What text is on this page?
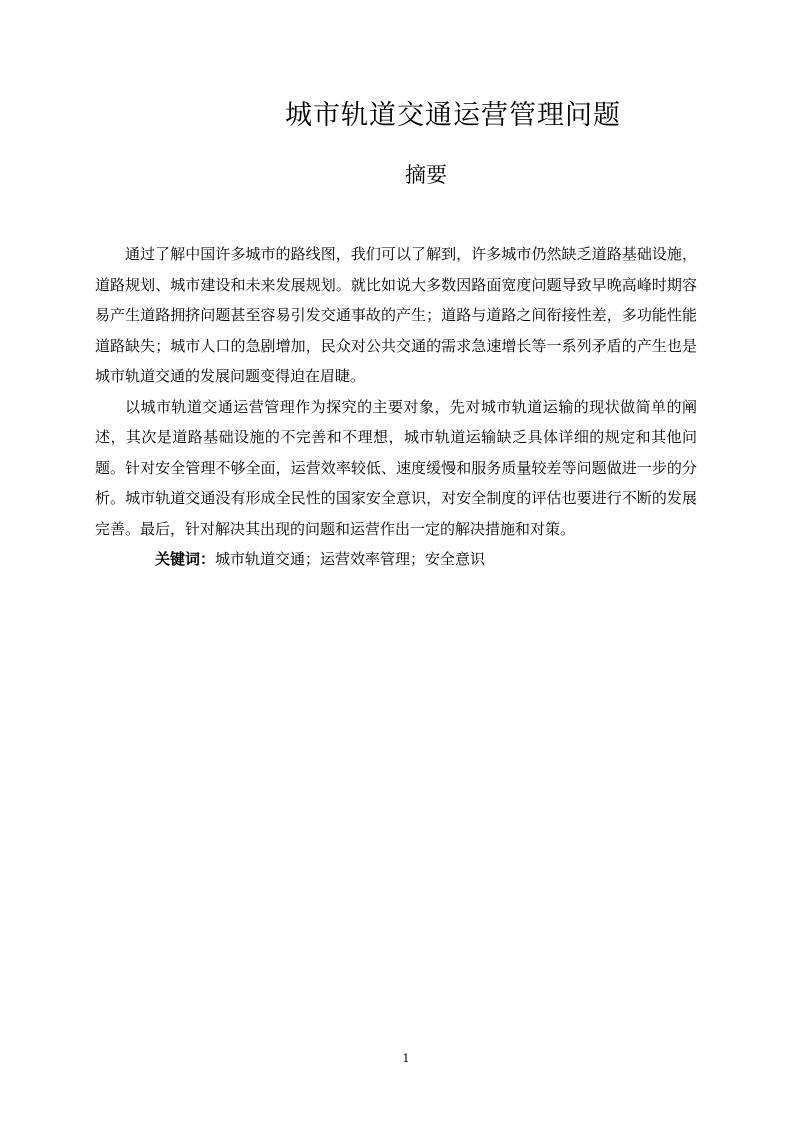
城市轨道交通运营管理问题
摘要

通过了解中国许多城市的路线图，我们可以了解到，许多城市仍然缺乏道路基础设施，道路规划、城市建设和未来发展规划。就比如说大多数因路面宽度问题导致早晚高峰时期容易产生道路拥挤问题甚至容易引发交通事故的产生；道路与道路之间衔接性差，多功能性能道路缺失；城市人口的急剧增加，民众对公共交通的需求急速增长等一系列矛盾的产生也是城市轨道交通的发展问题变得迫在眉睫。

以城市轨道交通运营管理作为探究的主要对象，先对城市轨道运输的现状做简单的阐述，其次是道路基础设施的不完善和不理想，城市轨道运输缺乏具体详细的规定和其他问题。针对安全管理不够全面，运营效率较低、速度缓慢和服务质量较差等问题做进一步的分析。城市轨道交通没有形成全民性的国家安全意识，对安全制度的评估也要进行不断的发展完善。最后，针对解决其出现的问题和运营作出一定的解决措施和对策。

关键词：城市轨道交通；运营效率管理；安全意识

1
